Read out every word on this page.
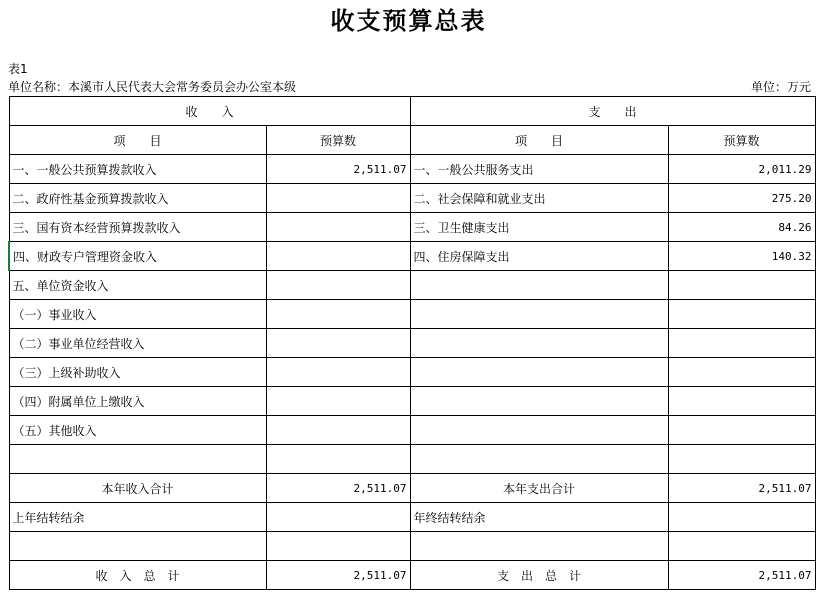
收支预算总表
表1
单位名称：本溪市人民代表大会常务委员会办公室本级	单位：万元
收　　入		支　　出	
项　　目	预算数	项　　目	预算数
一、一般公共预算拨款收入	2,511.07	一、一般公共服务支出	2,011.29
二、政府性基金预算拨款收入		二、社会保障和就业支出	275.20
三、国有资本经营预算拨款收入		三、卫生健康支出	84.26
四、财政专户管理资金收入		四、住房保障支出	140.32
五、单位资金收入			
（一）事业收入			
（二）事业单位经营收入			
（三）上级补助收入			
（四）附属单位上缴收入			
（五）其他收入			

本年收入合计	2,511.07	本年支出合计	2,511.07
上年结转结余		年终结转结余	

收　入　总　计	2,511.07	支　出　总　计	2,511.07
